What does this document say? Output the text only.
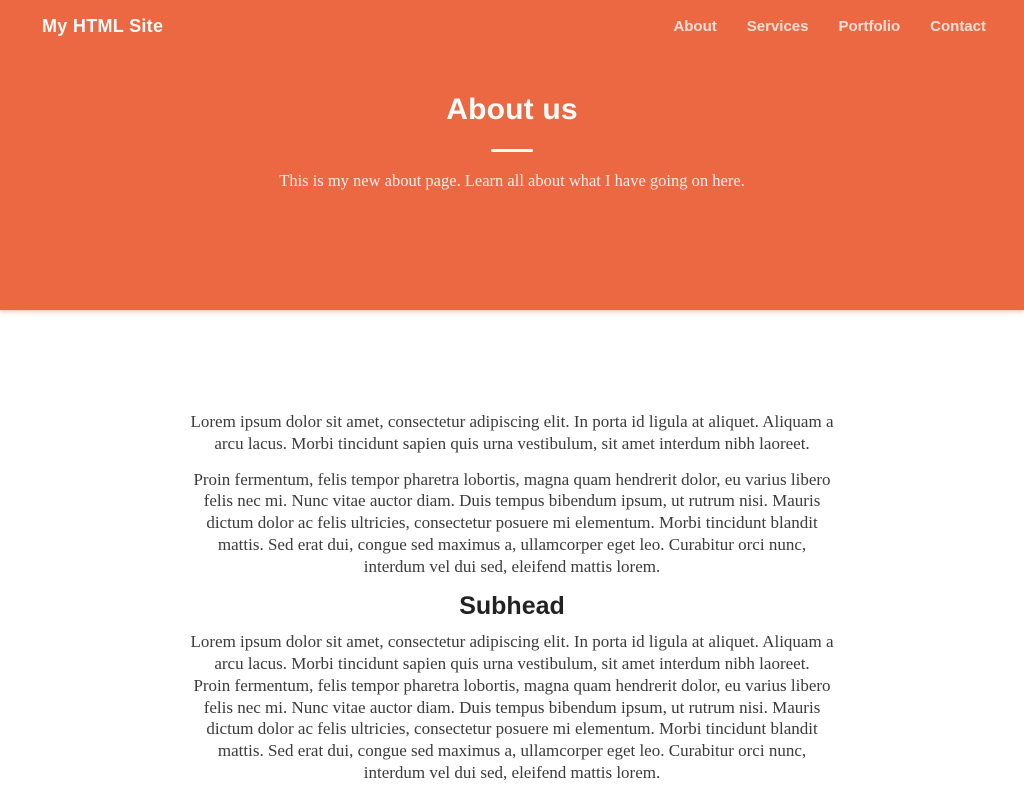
My HTML Site	About Services Portfolio Contact
About us

This is my new about page. Learn all about what I have going on here.

Lorem ipsum dolor sit amet, consectetur adipiscing elit. In porta id ligula at aliquet. Aliquam a arcu lacus. Morbi tincidunt sapien quis urna vestibulum, sit amet interdum nibh laoreet.

Proin fermentum, felis tempor pharetra lobortis, magna quam hendrerit dolor, eu varius libero felis nec mi. Nunc vitae auctor diam. Duis tempus bibendum ipsum, ut rutrum nisi. Mauris dictum dolor ac felis ultricies, consectetur posuere mi elementum. Morbi tincidunt blandit mattis. Sed erat dui, congue sed maximus a, ullamcorper eget leo. Curabitur orci nunc, interdum vel dui sed, eleifend mattis lorem.

Subhead

Lorem ipsum dolor sit amet, consectetur adipiscing elit. In porta id ligula at aliquet. Aliquam a arcu lacus. Morbi tincidunt sapien quis urna vestibulum, sit amet interdum nibh laoreet.

Proin fermentum, felis tempor pharetra lobortis, magna quam hendrerit dolor, eu varius libero felis nec mi. Nunc vitae auctor diam. Duis tempus bibendum ipsum, ut rutrum nisi. Mauris dictum dolor ac felis ultricies, consectetur posuere mi elementum. Morbi tincidunt blandit mattis. Sed erat dui, congue sed maximus a, ullamcorper eget leo. Curabitur orci nunc, interdum vel dui sed, eleifend mattis lorem.
